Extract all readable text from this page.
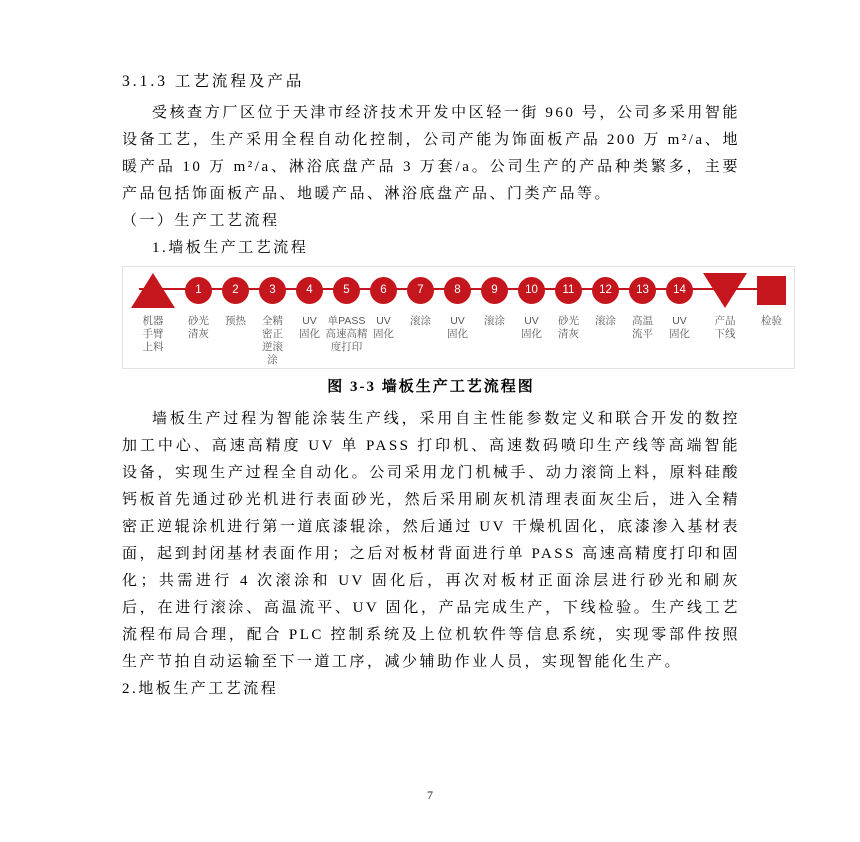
3.1.3 工艺流程及产品

受核查方厂区位于天津市经济技术开发中区轻一街 960 号，公司多采用智能设备工艺，生产采用全程自动化控制，公司产能为饰面板产品 200 万 m²/a、地暖产品 10 万 m²/a、淋浴底盘产品 3 万套/a。公司生产的产品种类繁多，主要产品包括饰面板产品、地暖产品、淋浴底盘产品、门类产品等。

（一）生产工艺流程

1.墙板生产工艺流程

机器
手臂
上料
1
砂光
清灰
2
预热
3
全精
密正
逆滚
涂
4
UV
固化
5
单PASS
高速高精
度打印
6
UV
固化
7
滚涂
8
UV
固化
9
滚涂
10
UV
固化
11
砂光
清灰
12
滚涂
13
高温
流平
14
UV
固化
产品
下线
检验

图 3-3 墙板生产工艺流程图

墙板生产过程为智能涂装生产线，采用自主性能参数定义和联合开发的数控加工中心、高速高精度 UV 单 PASS 打印机、高速数码喷印生产线等高端智能设备，实现生产过程全自动化。公司采用龙门机械手、动力滚筒上料，原料硅酸钙板首先通过砂光机进行表面砂光，然后采用刷灰机清理表面灰尘后，进入全精密正逆辊涂机进行第一道底漆辊涂，然后通过 UV 干燥机固化，底漆渗入基材表面，起到封闭基材表面作用；之后对板材背面进行单 PASS 高速高精度打印和固化；共需进行 4 次滚涂和 UV 固化后，再次对板材正面涂层进行砂光和刷灰后，在进行滚涂、高温流平、UV 固化，产品完成生产，下线检验。生产线工艺流程布局合理，配合 PLC 控制系统及上位机软件等信息系统，实现零部件按照生产节拍自动运输至下一道工序，减少辅助作业人员，实现智能化生产。

2.地板生产工艺流程

7
